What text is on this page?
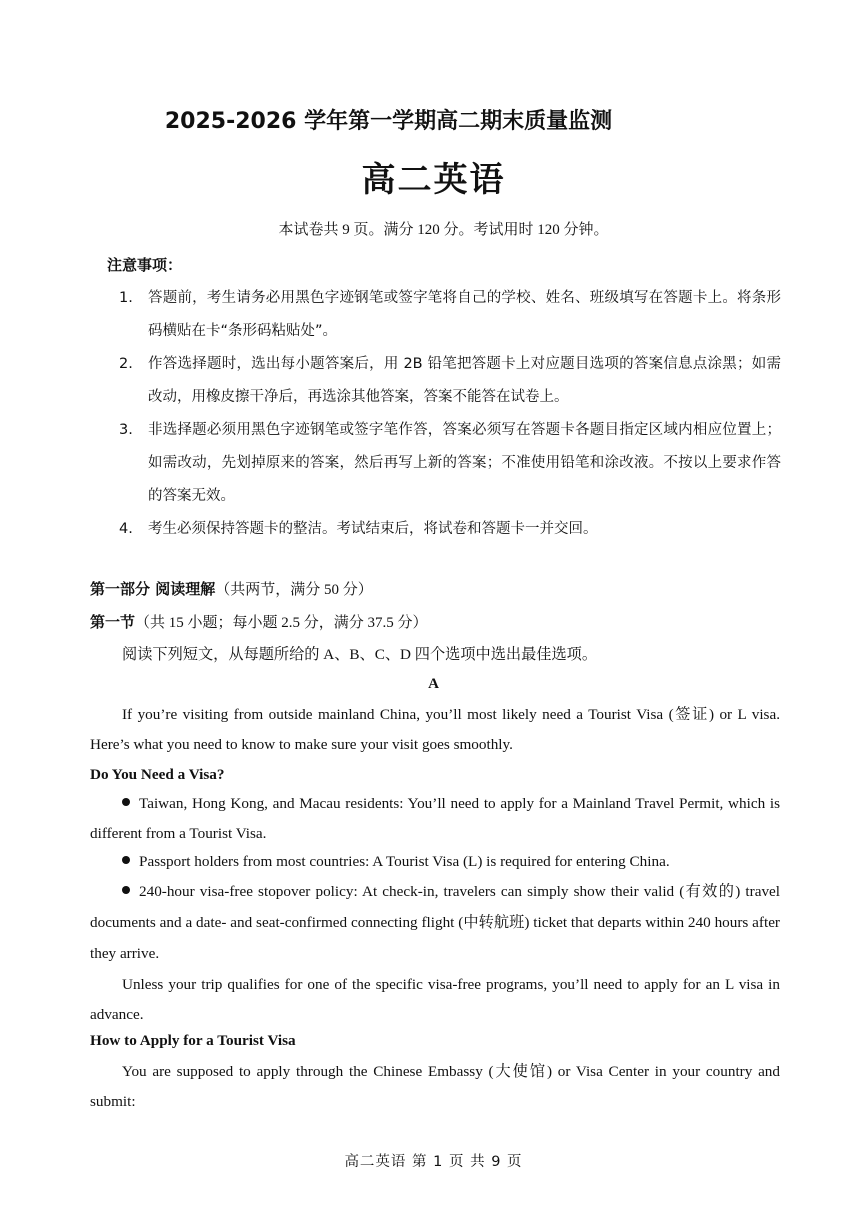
2025-2026 学年第一学期高二期末质量监测
高二英语
本试卷共 9 页。满分 120 分。考试用时 120 分钟。
注意事项：
1. 答题前，考生请务必用黑色字迹钢笔或签字笔将自己的学校、姓名、班级填写在答题卡上。将条形码横贴在卡“条形码粘贴处”。
2. 作答选择题时，选出每小题答案后，用 2B 铅笔把答题卡上对应题目选项的答案信息点涂黑；如需改动，用橡皮擦干净后，再选涂其他答案，答案不能答在试卷上。
3. 非选择题必须用黑色字迹钢笔或签字笔作答，答案必须写在答题卡各题目指定区域内相应位置上；如需改动，先划掉原来的答案，然后再写上新的答案；不准使用铅笔和涂改液。不按以上要求作答的答案无效。
4. 考生必须保持答题卡的整洁。考试结束后，将试卷和答题卡一并交回。
第一部分 阅读理解（共两节，满分 50 分）
第一节（共 15 小题；每小题 2.5 分，满分 37.5 分）
阅读下列短文，从每题所给的 A、B、C、D 四个选项中选出最佳选项。
A
If you’re visiting from outside mainland China, you’ll most likely need a Tourist Visa (签证) or L visa. Here’s what you need to know to make sure your visit goes smoothly.
Do You Need a Visa?
Taiwan, Hong Kong, and Macau residents: You’ll need to apply for a Mainland Travel Permit, which is different from a Tourist Visa.
Passport holders from most countries: A Tourist Visa (L) is required for entering China.
240-hour visa-free stopover policy: At check-in, travelers can simply show their valid (有效的) travel documents and a date- and seat-confirmed connecting flight (中转航班) ticket that departs within 240 hours after they arrive.
Unless your trip qualifies for one of the specific visa-free programs, you’ll need to apply for an L visa in advance.
How to Apply for a Tourist Visa
You are supposed to apply through the Chinese Embassy (大使馆) or Visa Center in your country and submit:
高二英语 第 1 页 共 9 页
